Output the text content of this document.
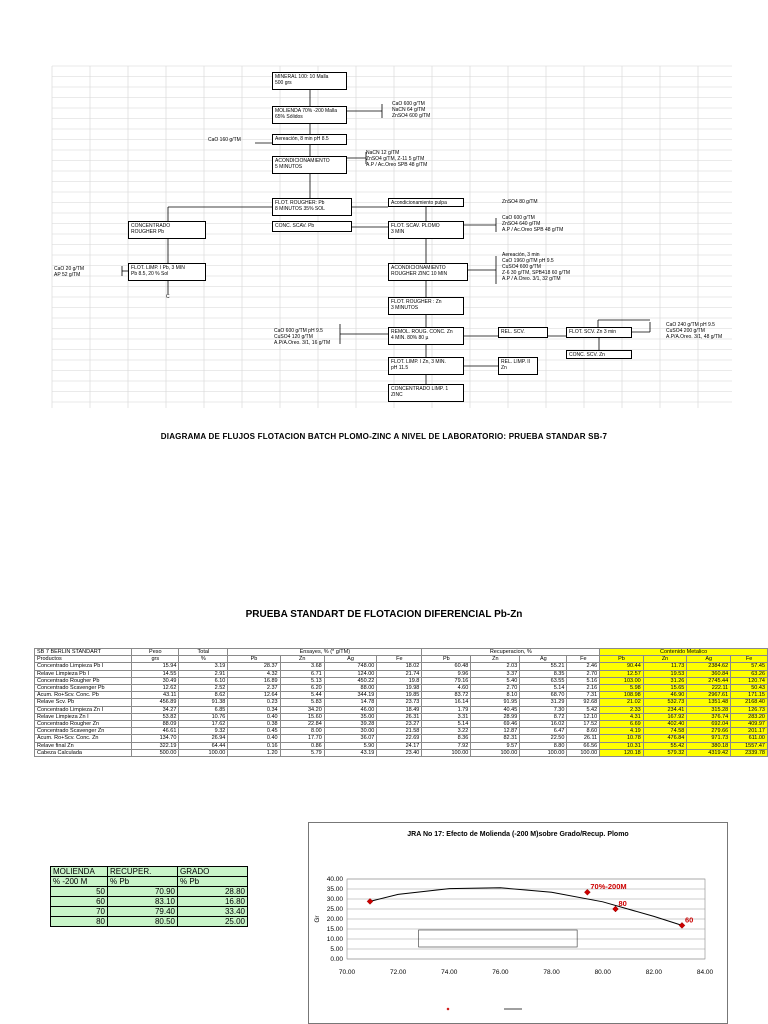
MINERAL 100: 10 Malla
500 grs
MOLIENDA 70% -200 Malla
65% Sólidos
Aereación, 8 min pH 8.5
ACONDICIONAMIENTO
5 MINUTOS
FLOT. ROUGHER: Pb
8 MINUTOS 35% SOL
CONCENTRADO
ROUGHER Pb
CONC. SCAV. Pb	FLOT. SCAV. PLOMO
3 MIN
FLOT. LIMP. I Pb, 3 MIN
Pb 8.5, 20 % Sol
ACONDICIONAMIENTO
ROUGHER ZINC 10 MIN
FLOT. ROUGHER : Zn
3 MINUTOS
REMOL. ROUG. CONC. Zn
4 MIN. 80% 80 µ
REL. SCV.	FLOT. SCV. Zn 3 min
CONC. SCV. Zn
FLOT. LIMP. I Zn, 3 MIN.
pH 11.5
REL. LIMP. II
Zn
CONCENTRADO LIMP. 1
ZINC
Acondicionamiento pulpa
CaO 600 g/TM
NaCN 64 g/TM
ZnSO4 600 g/TM
CaO 160 g/TM
NaCN 12 g/TM
ZnSO4 g/TM, Z-11 5 g/TM
A.P / Ac.Oreo SPB 48 g/TM
ZnSO4 80 g/TM
CaO 600 g/TM
ZnSO4 640 g/TM
A.P / Ac.Oreo SPB 48 g/TM
CaO 20 g/TM
AP 52 g/TM
Aereación, 3 min
CaO 1960 g/TM pH 9.5
CuSO4 600 g/TM
Z-6 30 g/TM, SPB418 60 g/TM
A.P / A.Oreo. 3/1, 32 g/TM
CaO 600 g/TM pH 9.5
CuSO4 120 g/TM
A.P/A.Oreo. 3/1, 16 g/TM
CaO 240 g/TM pH 9.5
CuSO4 200 g/TM
A.P/A.Oreo. 3/1, 48 g/TM
C
DIAGRAMA DE FLUJOS FLOTACION BATCH PLOMO-ZINC A NIVEL DE LABORATORIO: PRUEBA STANDAR SB-7
PRUEBA STANDART DE FLOTACION DIFERENCIAL Pb-Zn
SB 7 BERLIN STANDART	Peso	Total	Ensayes, % (* g/TM)				Recuperacion, %				Contenido Metalico			
Productos	grs	%	Pb	Zn	Ag	Fe	Pb	Zn	Ag	Fe	Pb	Zn	Ag	Fe
Concentrado Limpieza Pb I	15.94	3.19	28.37	3.68	748.00	18.02	60.48	2.03	55.21	2.46	90.44	11.73	2384.62	57.45
Relave Limpieza Pb I	14.55	2.91	4.32	6.71	124.00	21.74	9.96	3.37	8.35	2.70	12.57	19.53	360.84	63.26
Concentrado Rougher Pb	30.49	6.10	16.89	5.13	450.22	19.8	79.16	5.40	63.55	5.16	103.00	31.26	2745.44	120.74
Concentrado Scavenger Pb	12.62	2.52	2.37	6.20	88.00	19.98	4.60	2.70	5.14	2.16	5.98	15.65	222.11	50.43
Acum. Ro+Scv. Conc. Pb	43.11	8.62	12.64	5.44	344.19	19.85	83.72	8.10	68.70	7.31	108.98	46.90	2967.61	171.15
Relave Scv. Pb	456.89	91.38	0.23	5.83	14.78	23.73	16.14	91.95	31.29	92.68	21.02	532.73	1351.48	2168.40
Concentrado Limpieza Zn I	34.27	6.85	0.34	34.20	46.00	18.49	1.79	40.45	7.30	5.42	2.33	234.41	315.28	126.73
Relave Limpieza Zn I	53.82	10.76	0.40	15.60	35.00	26.31	3.31	28.99	8.72	12.10	4.31	167.92	376.74	283.20
Concentrado Rougher Zn	88.09	17.62	0.38	22.84	39.28	23.27	5.14	69.46	16.02	17.52	6.69	402.40	692.04	409.97
Concentrado Scavenger Zn	46.61	9.32	0.45	8.00	30.00	21.58	3.22	12.87	6.47	8.60	4.19	74.58	279.66	201.17
Acum. Ro+Scv. Conc. Zn	134.70	26.94	0.40	17.70	36.07	22.69	8.36	82.31	22.50	26.11	10.78	476.84	971.73	611.00
Relave final Zn	322.19	64.44	0.16	0.86	5.90	24.17	7.92	9.57	8.80	66.56	10.31	55.42	380.18	1557.47
Cabeza Calculada	500.00	100.00	1.20	5.79	43.19	23.40	100.00	100.00	100.00	100.00	120.18	579.32	4319.42	2339.78
MOLIENDA	RECUPER.	GRADO
% -200 M	% Pb	% Pb
50	70.90	28.80
60	83.10	16.80
70	79.40	33.40
80	80.50	25.00
JRA No 17: Efecto de Molienda (-200 M)sobre Grado/Recup. Plomo
0.00
5.00
10.00
15.00
20.00
25.00
30.00
35.00
40.00
70.00	72.00	74.00	76.00	78.00	80.00	82.00	84.00
Gr
70%-200M
80
60
